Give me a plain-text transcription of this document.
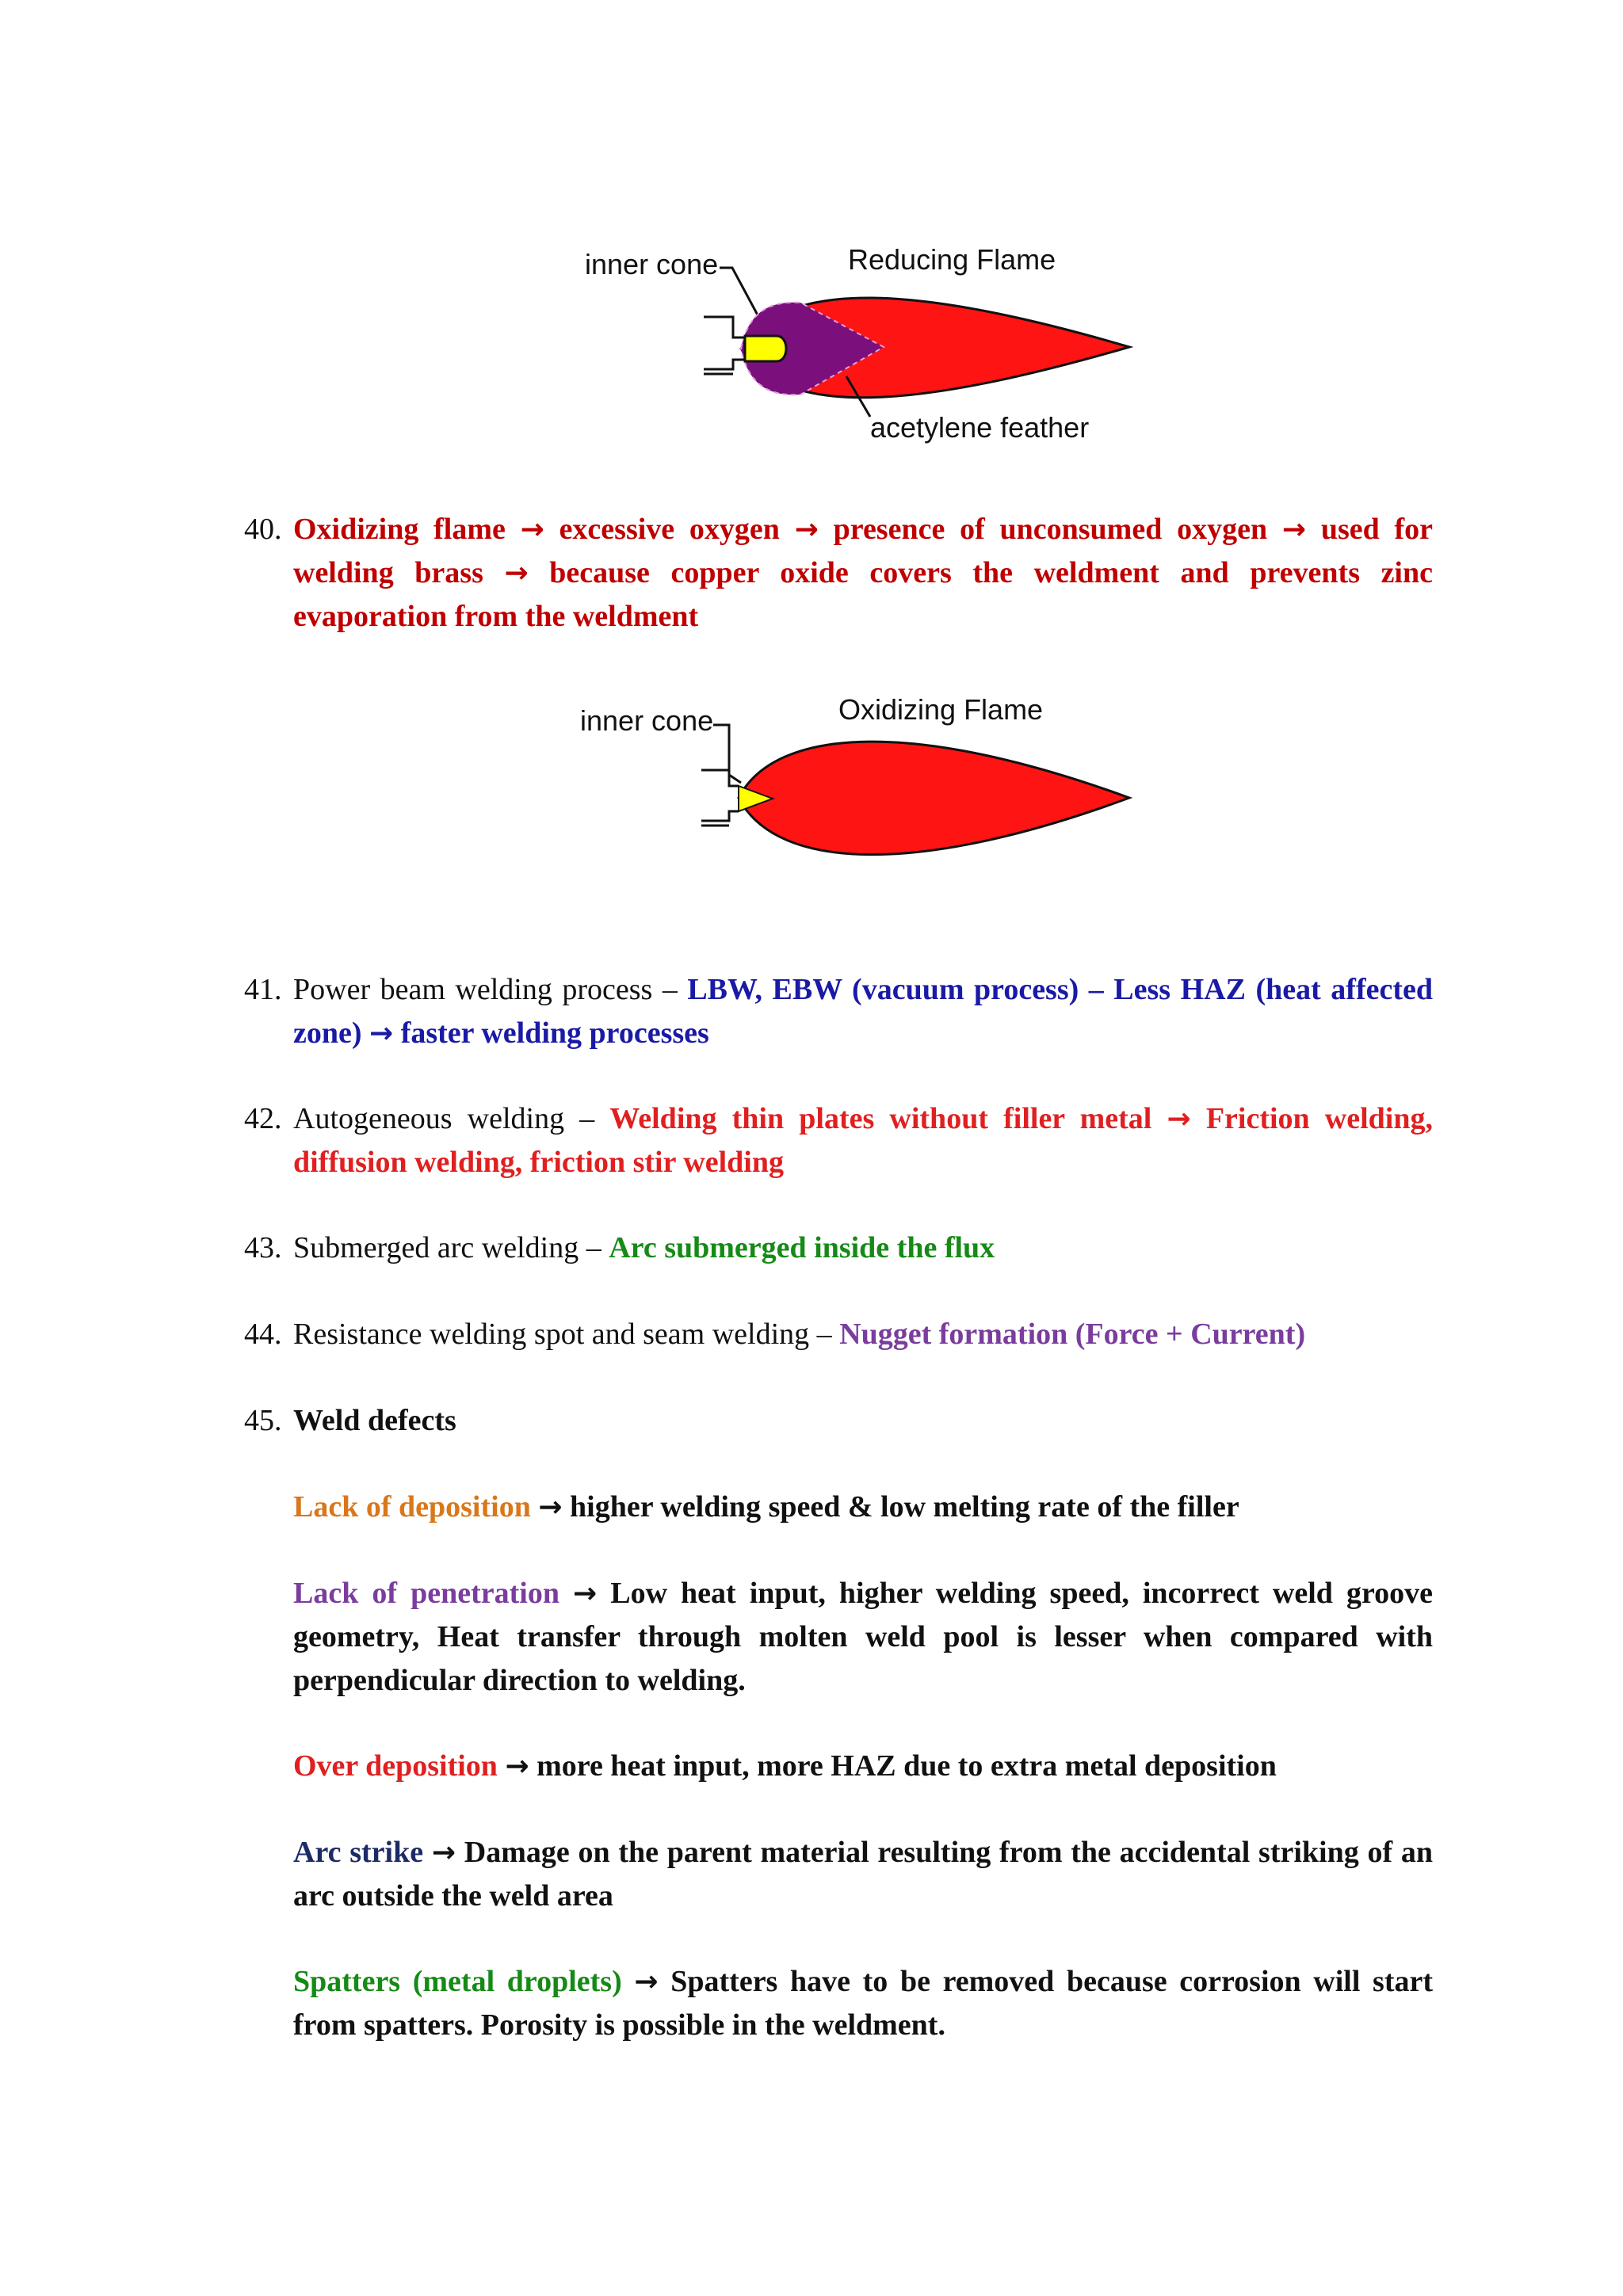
Reducing Flame
inner cone
acetylene feather
40. Oxidizing flame → excessive oxygen → presence of unconsumed oxygen → used for welding brass → because copper oxide covers the weldment and prevents zinc evaporation from the weldment
Oxidizing Flame
inner cone
41. Power beam welding process – LBW, EBW (vacuum process) – Less HAZ (heat affected zone) → faster welding processes
42. Autogeneous welding – Welding thin plates without filler metal → Friction welding, diffusion welding, friction stir welding
43. Submerged arc welding – Arc submerged inside the flux
44. Resistance welding spot and seam welding – Nugget formation (Force + Current)
45. Weld defects
Lack of deposition → higher welding speed & low melting rate of the filler
Lack of penetration → Low heat input, higher welding speed, incorrect weld groove geometry, Heat transfer through molten weld pool is lesser when compared with perpendicular direction to welding.
Over deposition → more heat input, more HAZ due to extra metal deposition
Arc strike → Damage on the parent material resulting from the accidental striking of an arc outside the weld area
Spatters (metal droplets) → Spatters have to be removed because corrosion will start from spatters. Porosity is possible in the weldment.
